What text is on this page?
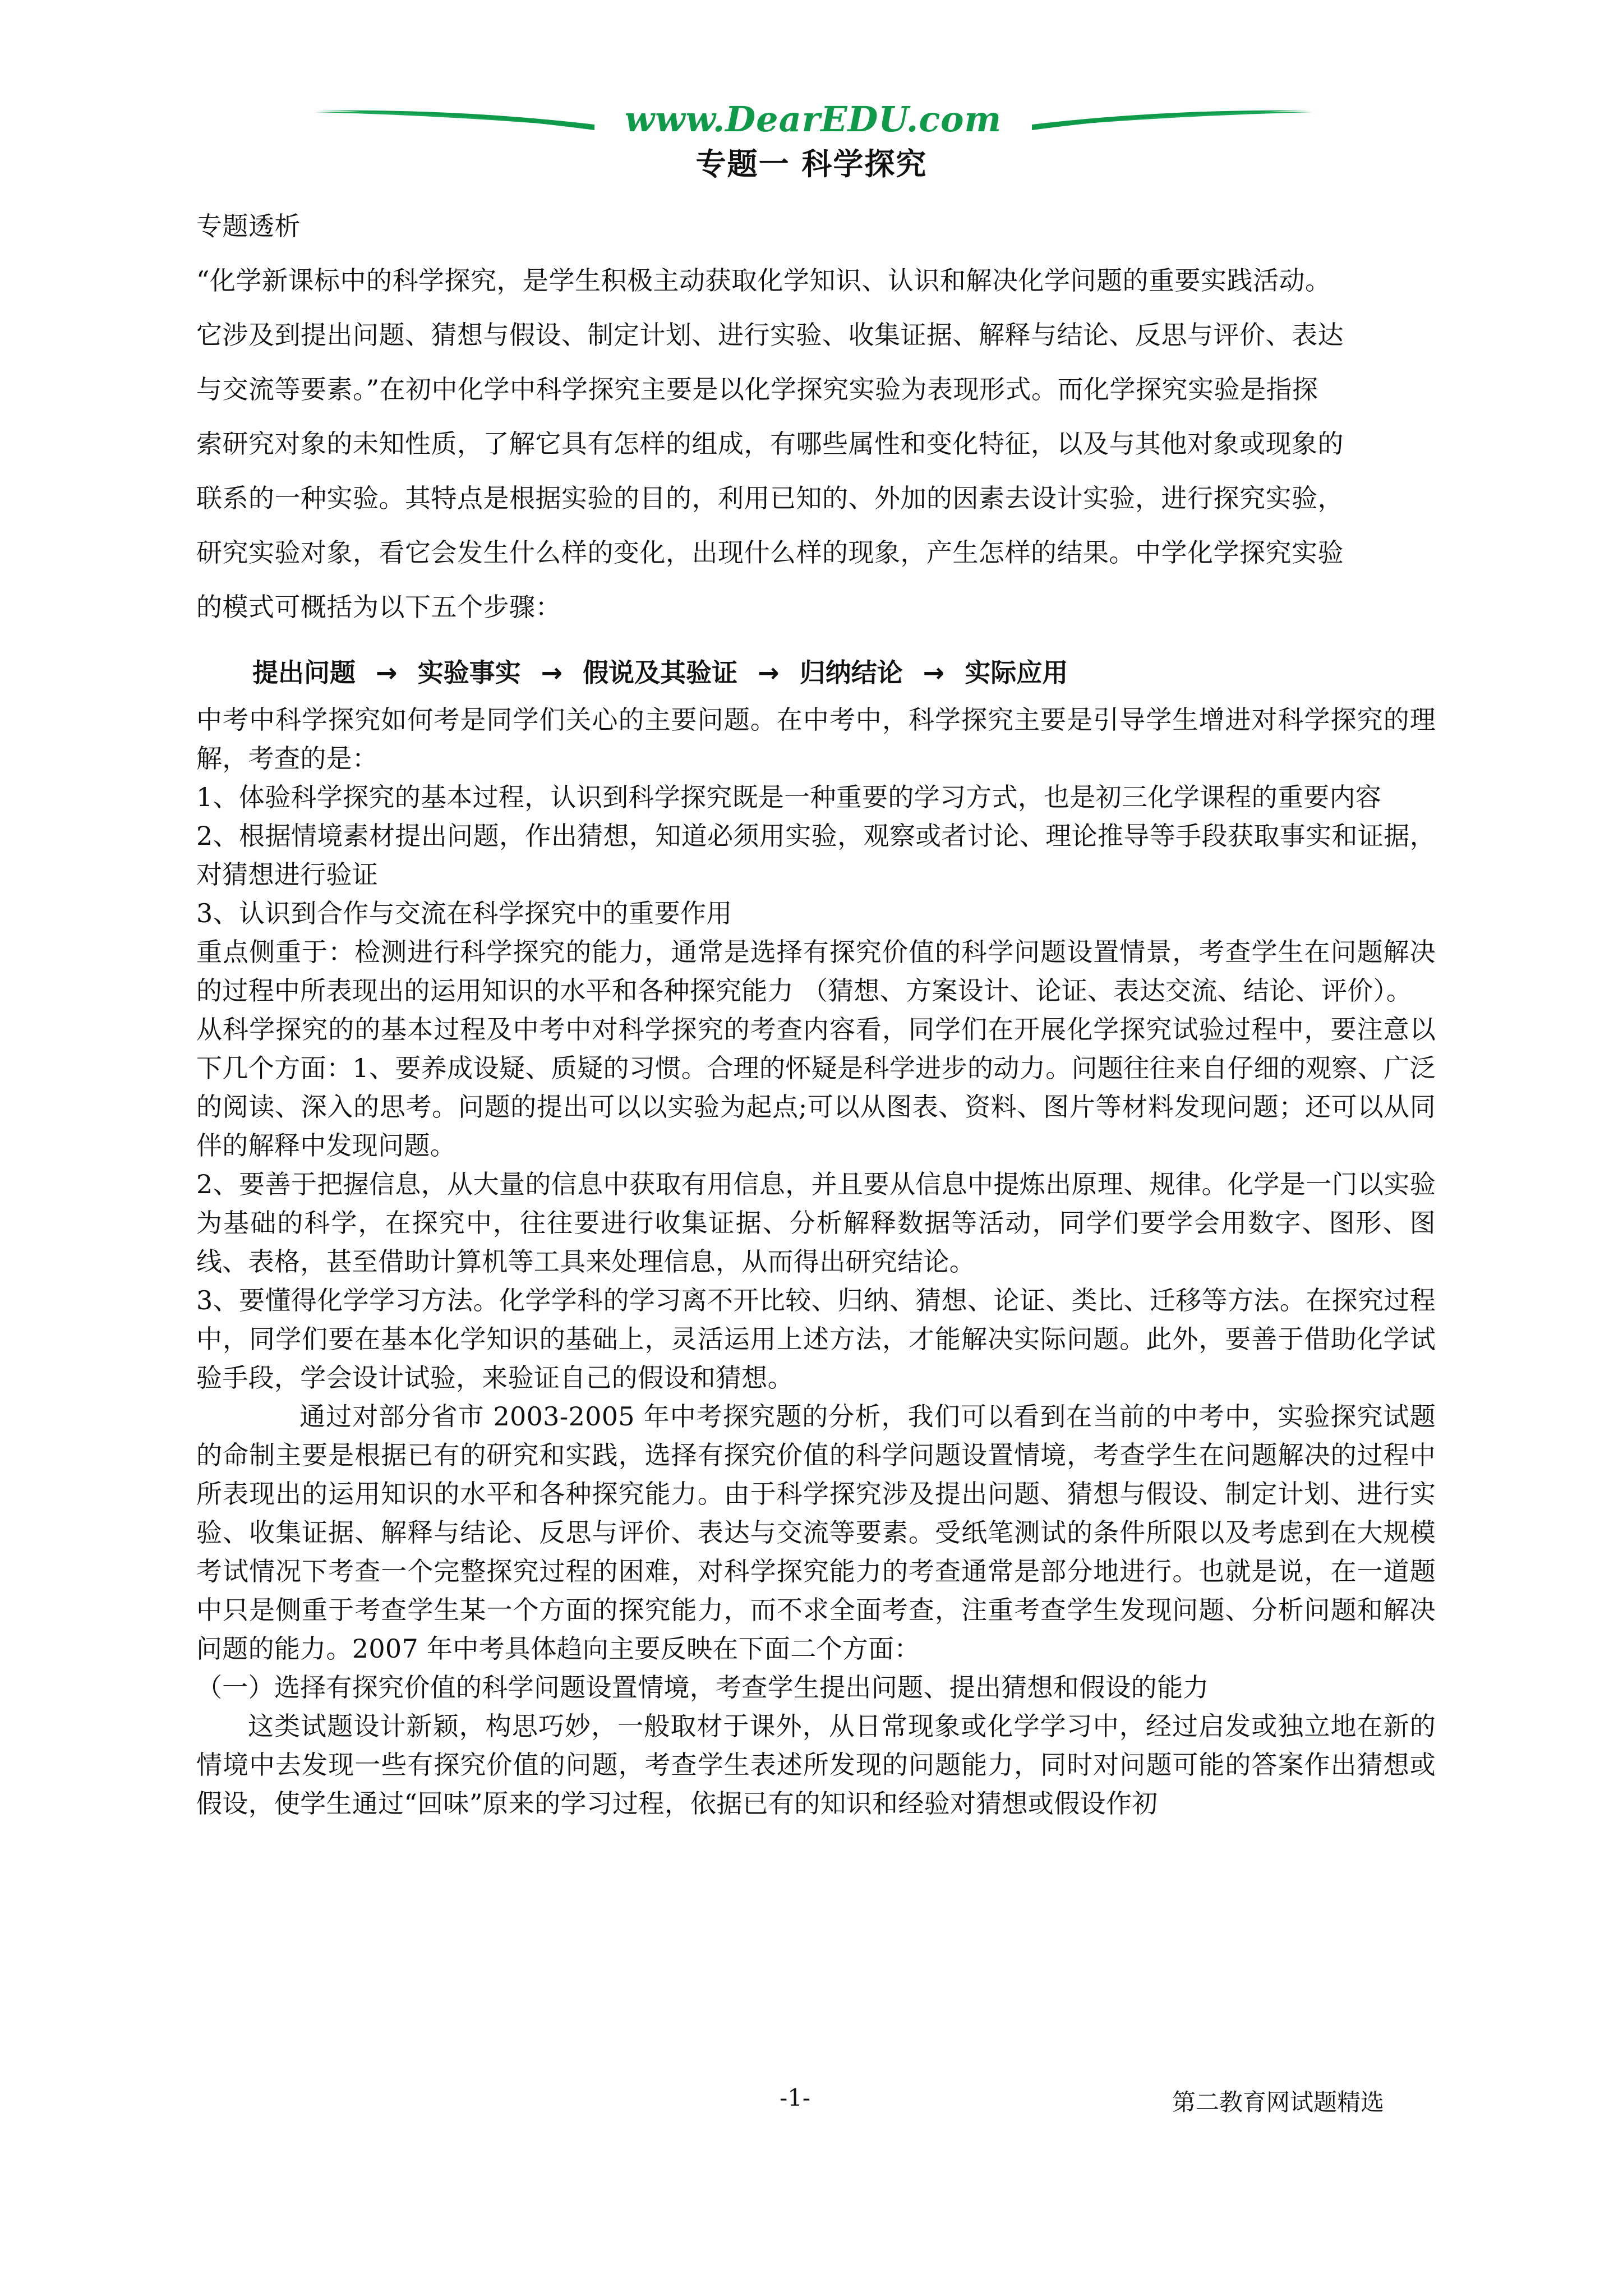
www.DearEDU.com
专题一 科学探究

专题透析

“化学新课标中的科学探究，是学生积极主动获取化学知识、认识和解决化学问题的重要实践活动。

它涉及到提出问题、猜想与假设、制定计划、进行实验、收集证据、解释与结论、反思与评价、表达

与交流等要素。”在初中化学中科学探究主要是以化学探究实验为表现形式。而化学探究实验是指探

索研究对象的未知性质，了解它具有怎样的组成，有哪些属性和变化特征，以及与其他对象或现象的

联系的一种实验。其特点是根据实验的目的，利用已知的、外加的因素去设计实验，进行探究实验，

研究实验对象，看它会发生什么样的变化，出现什么样的现象，产生怎样的结果。中学化学探究实验

的模式可概括为以下五个步骤：

提出问题 → 实验事实 → 假说及其验证 → 归纳结论 → 实际应用

中考中科学探究如何考是同学们关心的主要问题。在中考中，科学探究主要是引导学生增进对科学探究的理解，考查的是：

1、体验科学探究的基本过程，认识到科学探究既是一种重要的学习方式，也是初三化学课程的重要内容

2、根据情境素材提出问题，作出猜想，知道必须用实验，观察或者讨论、理论推导等手段获取事实和证据，对猜想进行验证

3、认识到合作与交流在科学探究中的重要作用

重点侧重于：检测进行科学探究的能力，通常是选择有探究价值的科学问题设置情景，考查学生在问题解决的过程中所表现出的运用知识的水平和各种探究能力 （猜想、方案设计、论证、表达交流、结论、评价）。

从科学探究的的基本过程及中考中对科学探究的考查内容看，同学们在开展化学探究试验过程中，要注意以下几个方面：1、要养成设疑、质疑的习惯。合理的怀疑是科学进步的动力。问题往往来自仔细的观察、广泛的阅读、深入的思考。问题的提出可以以实验为起点;可以从图表、资料、图片等材料发现问题；还可以从同伴的解释中发现问题。

2、要善于把握信息，从大量的信息中获取有用信息，并且要从信息中提炼出原理、规律。化学是一门以实验为基础的科学，在探究中，往往要进行收集证据、分析解释数据等活动，同学们要学会用数字、图形、图线、表格，甚至借助计算机等工具来处理信息，从而得出研究结论。

3、要懂得化学学习方法。化学学科的学习离不开比较、归纳、猜想、论证、类比、迁移等方法。在探究过程中，同学们要在基本化学知识的基础上，灵活运用上述方法，才能解决实际问题。此外，要善于借助化学试验手段，学会设计试验，来验证自己的假设和猜想。

通过对部分省市 2003-2005 年中考探究题的分析，我们可以看到在当前的中考中，实验探究试题的命制主要是根据已有的研究和实践，选择有探究价值的科学问题设置情境，考查学生在问题解决的过程中所表现出的运用知识的水平和各种探究能力。由于科学探究涉及提出问题、猜想与假设、制定计划、进行实验、收集证据、解释与结论、反思与评价、表达与交流等要素。受纸笔测试的条件所限以及考虑到在大规模考试情况下考查一个完整探究过程的困难，对科学探究能力的考查通常是部分地进行。也就是说，在一道题中只是侧重于考查学生某一个方面的探究能力，而不求全面考查，注重考查学生发现问题、分析问题和解决问题的能力。2007 年中考具体趋向主要反映在下面二个方面：

（一）选择有探究价值的科学问题设置情境，考查学生提出问题、提出猜想和假设的能力

这类试题设计新颖，构思巧妙，一般取材于课外，从日常现象或化学学习中，经过启发或独立地在新的情境中去发现一些有探究价值的问题，考查学生表述所发现的问题能力，同时对问题可能的答案作出猜想或假设，使学生通过“回味”原来的学习过程，依据已有的知识和经验对猜想或假设作初

-1-	第二教育网试题精选
